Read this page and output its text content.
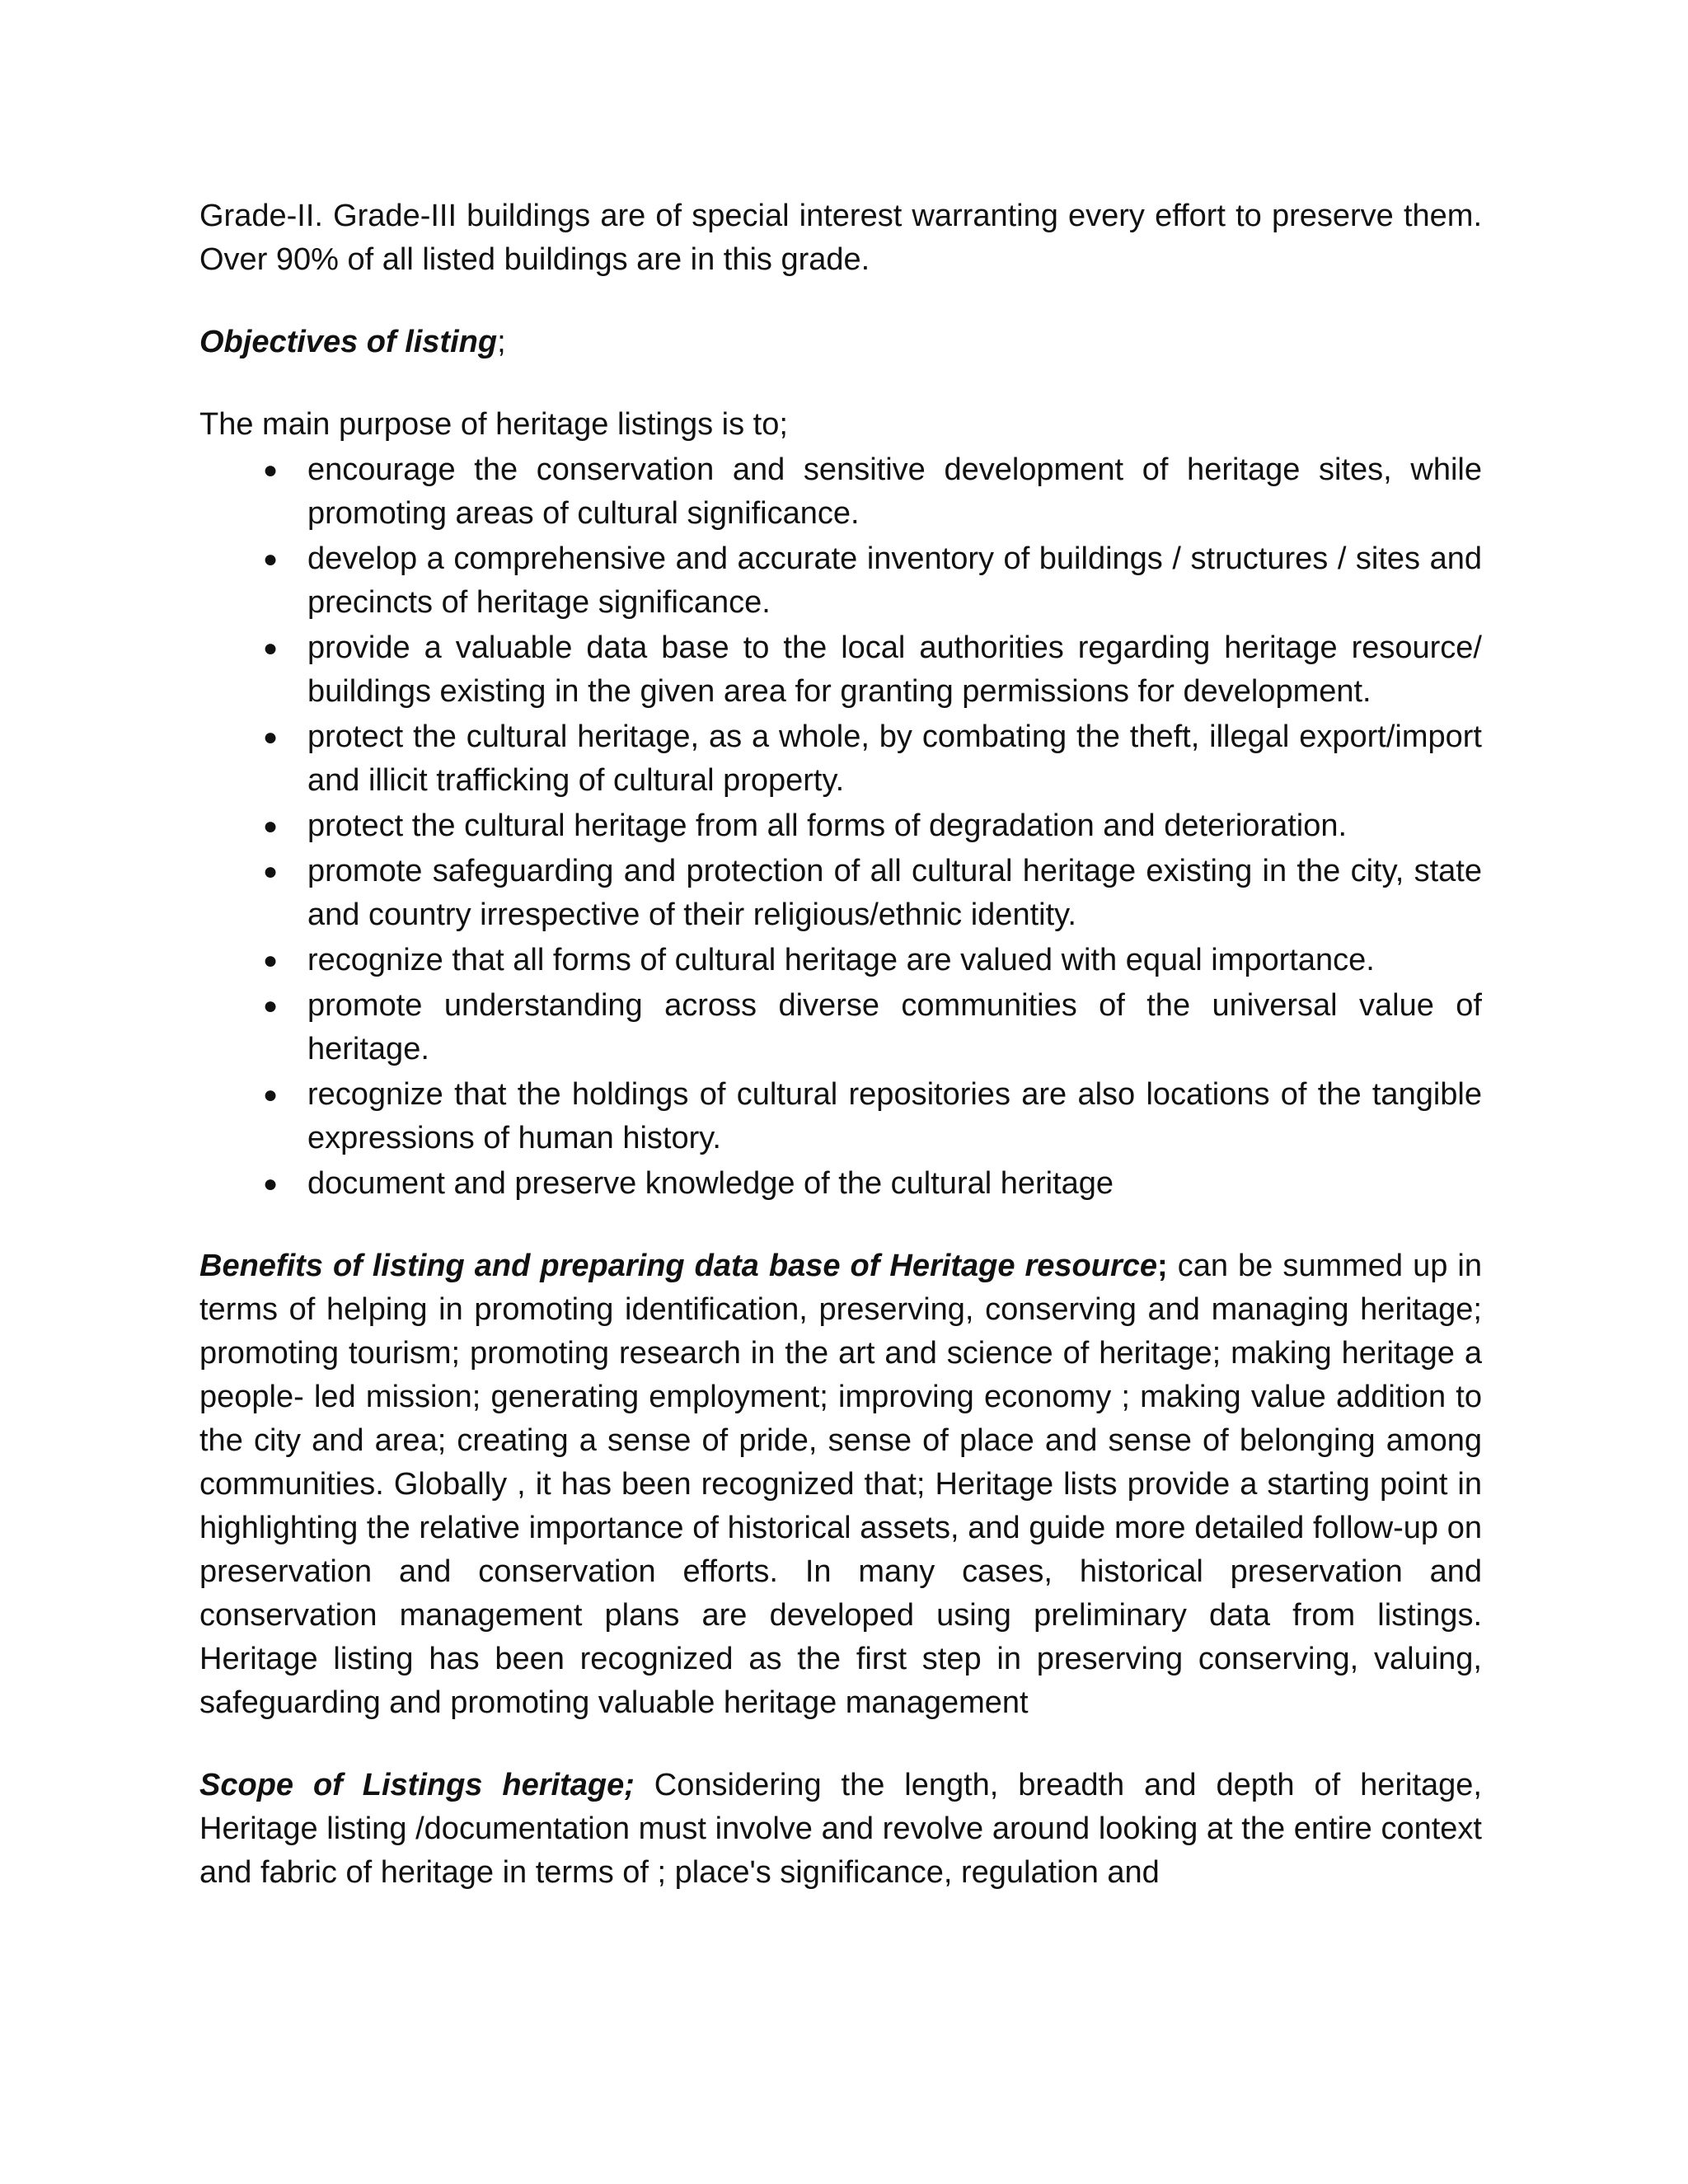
Grade-II. Grade-III buildings are of special interest warranting every effort to preserve them. Over 90% of all listed buildings are in this grade.

Objectives of listing;

The main purpose of heritage listings is to;

● encourage the conservation and sensitive development of heritage sites, while promoting areas of cultural significance.
● develop a comprehensive and accurate inventory of buildings / structures / sites and precincts of heritage significance.
● provide a valuable data base to the local authorities regarding heritage resource/ buildings existing in the given area for granting permissions for development.
● protect the cultural heritage, as a whole, by combating the theft, illegal export/import and illicit trafficking of cultural property.
● protect the cultural heritage from all forms of degradation and deterioration.
● promote safeguarding and protection of all cultural heritage existing in the city, state and country irrespective of their religious/ethnic identity.
● recognize that all forms of cultural heritage are valued with equal importance.
● promote understanding across diverse communities of the universal value of heritage.
● recognize that the holdings of cultural repositories are also locations of the tangible expressions of human history.
● document and preserve knowledge of the cultural heritage

Benefits of listing and preparing data base of Heritage resource; can be summed up in terms of helping in promoting identification, preserving, conserving and managing heritage; promoting tourism; promoting research in the art and science of heritage; making heritage a people- led mission; generating employment; improving economy ; making value addition to the city and area; creating a sense of pride, sense of place and sense of belonging among communities. Globally , it has been recognized that; Heritage lists provide a starting point in highlighting the relative importance of historical assets, and guide more detailed follow-up on preservation and conservation efforts. In many cases, historical preservation and conservation management plans are developed using preliminary data from listings. Heritage listing has been recognized as the first step in preserving conserving, valuing, safeguarding and promoting valuable heritage management

Scope of Listings heritage; Considering the length, breadth and depth of heritage, Heritage listing /documentation must involve and revolve around looking at the entire context and fabric of heritage in terms of ; place's significance, regulation and
